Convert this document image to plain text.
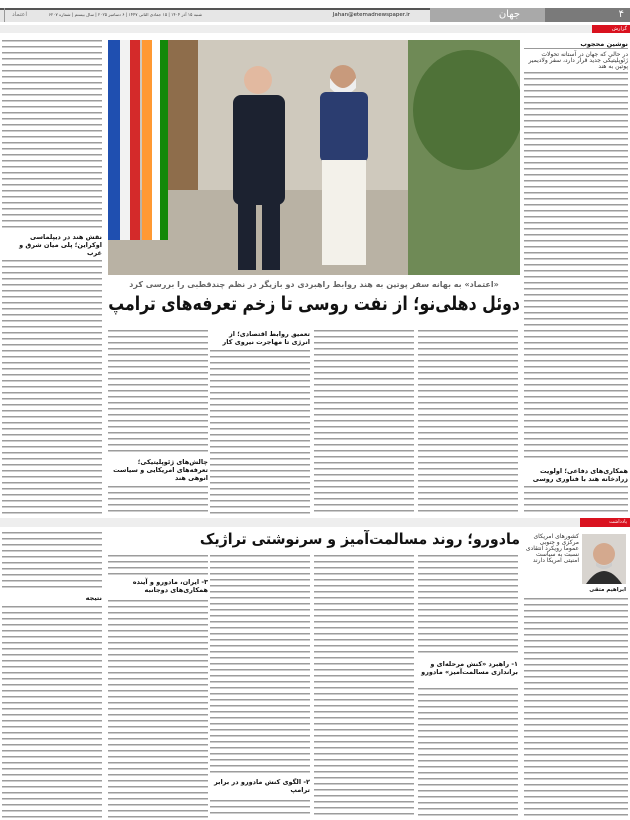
۴
جهان
Jahan@etemadnewspaper.ir
شنبه ۱۵ آذر ۱۴۰۴ | ۱۵ جمادی الثانی ۱۴۴۷ | ۶ دسامبر ۲۰۲۵ | سال بیستم | شماره ۶۲۰۷
اعتماد
گزارش
نوشین محجوب
در حالی که جهان در آستانه تحولات ژئوپلیتیکی جدید قرار دارد، سفر ولادیمیر پوتین به هند
همکاری‌های دفاعی؛ اولویت زرادخانه هند با فناوری روسی
«اعتماد» به بهانه سفر پوتین به هند روابط راهبردی دو بازیگر در نظم چندقطبی را بررسی کرد
دوئل دهلی‌نو؛ از نفت روسی تا زخم تعرفه‌های ترامپ
تعمیق روابط اقتصادی؛ از انرژی تا مهاجرت نیروی کار
چالش‌های ژئوپلیتیکی؛ تعرفه‌های امریکایی و سیاست انوهی هند
نقش هند در دیپلماسی اوکراین؛ پلی میان شرق و غرب
یادداشت
ابراهیم متقی
کشورهای امریکای مرکزی و جنوبی عموما رویکرد انتقادی نسبت به سیاست امنیتی امریکا دارند
مادورو؛ روند مسالمت‌آمیز و سرنوشتی تراژیک
۱- راهبرد «کنش مرحله‌ای و براندازی مسالمت‌آمیز» مادورو
۲- الگوی کنش مادورو در برابر ترامپ
۳- ایران، مادورو و آینده همکاری‌های دوجانبه
نتیجه
